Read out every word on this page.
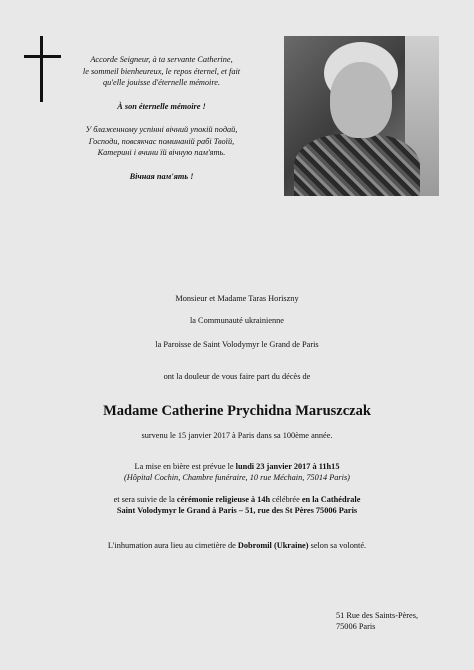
Accorde Seigneur, à ta servante Catherine,

le sommeil bienheureux, le repos éternel, et fait

qu'elle jouisse d'éternelle mémoire.

À son éternelle mémoire !

У блаженному успінні вічний упокій подай,

Господи, повсякчас поминаній рабі Твоїй,

Катерині і вчини їй вічную пам'ять.

Вічная пам'ять !

Monsieur et Madame Taras Horiszny

la Communauté ukrainienne

la Paroisse de Saint Volodymyr le Grand de Paris

ont la douleur de vous faire part du décès de

Madame Catherine Prychidna Maruszczak

survenu le 15 janvier 2017 à Paris dans sa 100ème année.

La mise en bière est prévue le lundi 23 janvier 2017 à 11h15

(Hôpital Cochin, Chambre funéraire, 10 rue Méchain, 75014 Paris)

et sera suivie de la cérémonie religieuse à 14h célébrée en la Cathédrale

Saint Volodymyr le Grand à Paris – 51, rue des St Pères 75006 Paris

L'inhumation aura lieu au cimetière de Dobromil (Ukraine) selon sa volonté.

51 Rue des Saints-Pères,

75006 Paris
